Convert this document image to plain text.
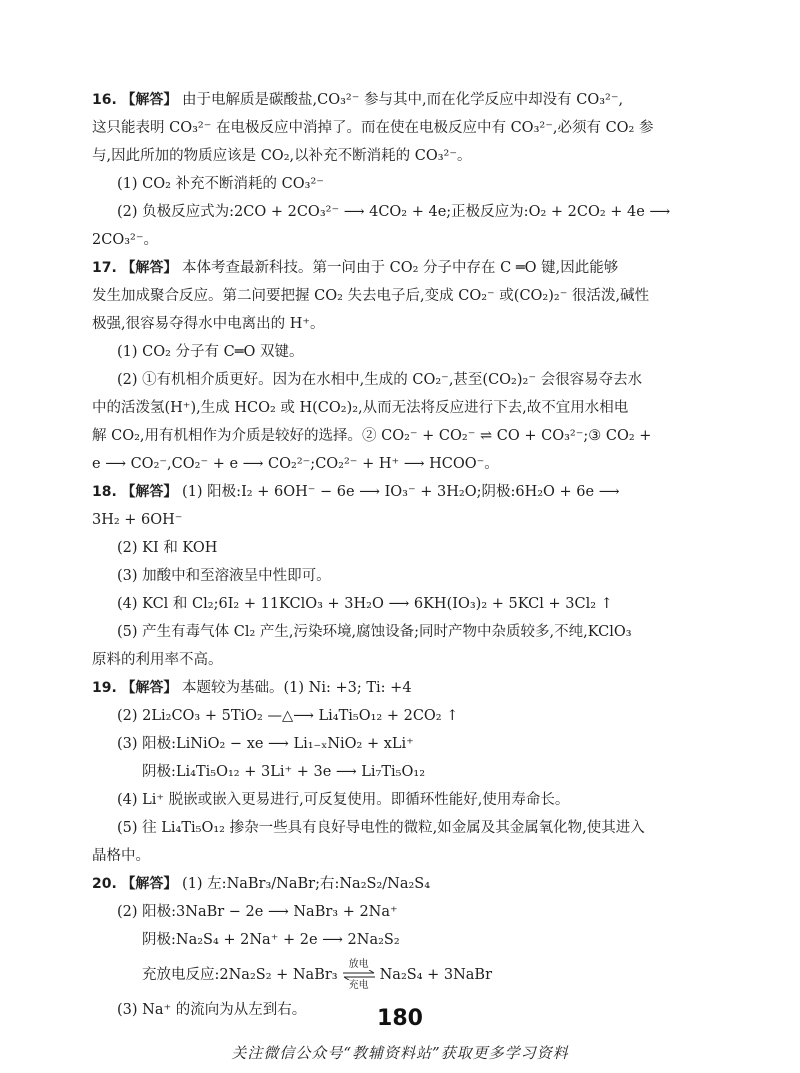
16. 【解答】 由于电解质是碳酸盐,CO₃²⁻ 参与其中,而在化学反应中却没有 CO₃²⁻,
这只能表明 CO₃²⁻ 在电极反应中消掉了。而在使在电极反应中有 CO₃²⁻,必须有 CO₂ 参
与,因此所加的物质应该是 CO₂,以补充不断消耗的 CO₃²⁻。
(1) CO₂ 补充不断消耗的 CO₃²⁻
(2) 负极反应式为:2CO + 2CO₃²⁻ ⟶ 4CO₂ + 4e;正极反应为:O₂ + 2CO₂ + 4e ⟶
2CO₃²⁻。
17. 【解答】 本体考查最新科技。第一问由于 CO₂ 分子中存在 C ═O 键,因此能够
发生加成聚合反应。第二问要把握 CO₂ 失去电子后,变成 CO₂⁻ 或(CO₂)₂⁻ 很活泼,碱性
极强,很容易夺得水中电离出的 H⁺。
(1) CO₂ 分子有 C═O 双键。
(2) ①有机相介质更好。因为在水相中,生成的 CO₂⁻,甚至(CO₂)₂⁻ 会很容易夺去水
中的活泼氢(H⁺),生成 HCO₂ 或 H(CO₂)₂,从而无法将反应进行下去,故不宜用水相电
解 CO₂,用有机相作为介质是较好的选择。② CO₂⁻ + CO₂⁻ ⇌ CO + CO₃²⁻;③ CO₂ +
e ⟶ CO₂⁻,CO₂⁻ + e ⟶ CO₂²⁻;CO₂²⁻ + H⁺ ⟶ HCOO⁻。
18. 【解答】 (1) 阳极:I₂ + 6OH⁻ − 6e ⟶ IO₃⁻ + 3H₂O;阴极:6H₂O + 6e ⟶
3H₂ + 6OH⁻
(2) KI 和 KOH
(3) 加酸中和至溶液呈中性即可。
(4) KCl 和 Cl₂;6I₂ + 11KClO₃ + 3H₂O ⟶ 6KH(IO₃)₂ + 5KCl + 3Cl₂ ↑
(5) 产生有毒气体 Cl₂ 产生,污染环境,腐蚀设备;同时产物中杂质较多,不纯,KClO₃
原料的利用率不高。
19. 【解答】 本题较为基础。(1) Ni: +3; Ti: +4
(2) 2Li₂CO₃ + 5TiO₂ —△⟶ Li₄Ti₅O₁₂ + 2CO₂ ↑
(3) 阳极:LiNiO₂ − xe ⟶ Li₁₋ₓNiO₂ + xLi⁺
阴极:Li₄Ti₅O₁₂ + 3Li⁺ + 3e ⟶ Li₇Ti₅O₁₂
(4) Li⁺ 脱嵌或嵌入更易进行,可反复使用。即循环性能好,使用寿命长。
(5) 往 Li₄Ti₅O₁₂ 掺杂一些具有良好导电性的微粒,如金属及其金属氧化物,使其进入
晶格中。
20. 【解答】 (1) 左:NaBr₃/NaBr;右:Na₂S₂/Na₂S₄
(2) 阳极:3NaBr − 2e ⟶ NaBr₃ + 2Na⁺
阴极:Na₂S₄ + 2Na⁺ + 2e ⟶ 2Na₂S₂
充放电反应:2Na₂S₂ + NaBr₃
放电
充电
Na₂S₄ + 3NaBr
(3) Na⁺ 的流向为从左到右。	180
关注微信公众号“教辅资料站”获取更多学习资料
